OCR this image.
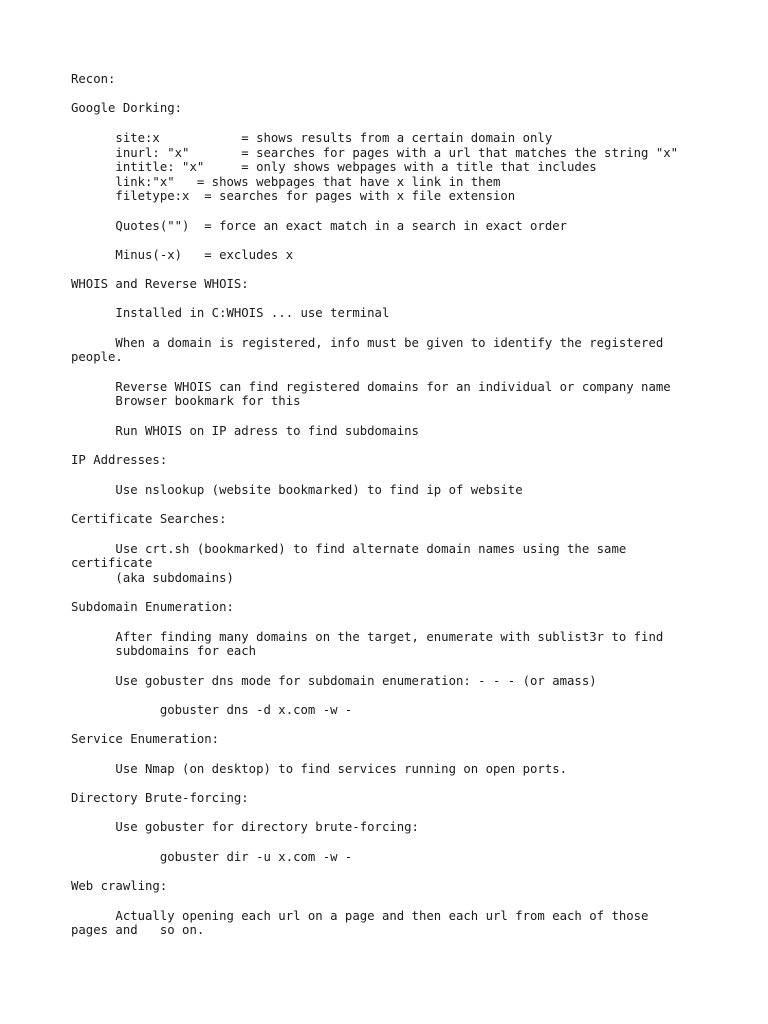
Recon:
Google Dorking:
site:x           = shows results from a certain domain only
inurl: "x"       = searches for pages with a url that matches the string "x"
intitle: "x"     = only shows webpages with a title that includes
link:"x"   = shows webpages that have x link in them
filetype:x  = searches for pages with x file extension
Quotes("")  = force an exact match in a search in exact order
Minus(-x)   = excludes x
WHOIS and Reverse WHOIS:
Installed in C:WHOIS ... use terminal
When a domain is registered, info must be given to identify the registered
people.
Reverse WHOIS can find registered domains for an individual or company name
Browser bookmark for this
Run WHOIS on IP adress to find subdomains
IP Addresses:
Use nslookup (website bookmarked) to find ip of website
Certificate Searches:
Use crt.sh (bookmarked) to find alternate domain names using the same
certificate
(aka subdomains)
Subdomain Enumeration:
After finding many domains on the target, enumerate with sublist3r to find
subdomains for each
Use gobuster dns mode for subdomain enumeration: - - - (or amass)
gobuster dns -d x.com -w -
Service Enumeration:
Use Nmap (on desktop) to find services running on open ports.
Directory Brute-forcing:
Use gobuster for directory brute-forcing:
gobuster dir -u x.com -w -
Web crawling:
Actually opening each url on a page and then each url from each of those
pages and   so on.
